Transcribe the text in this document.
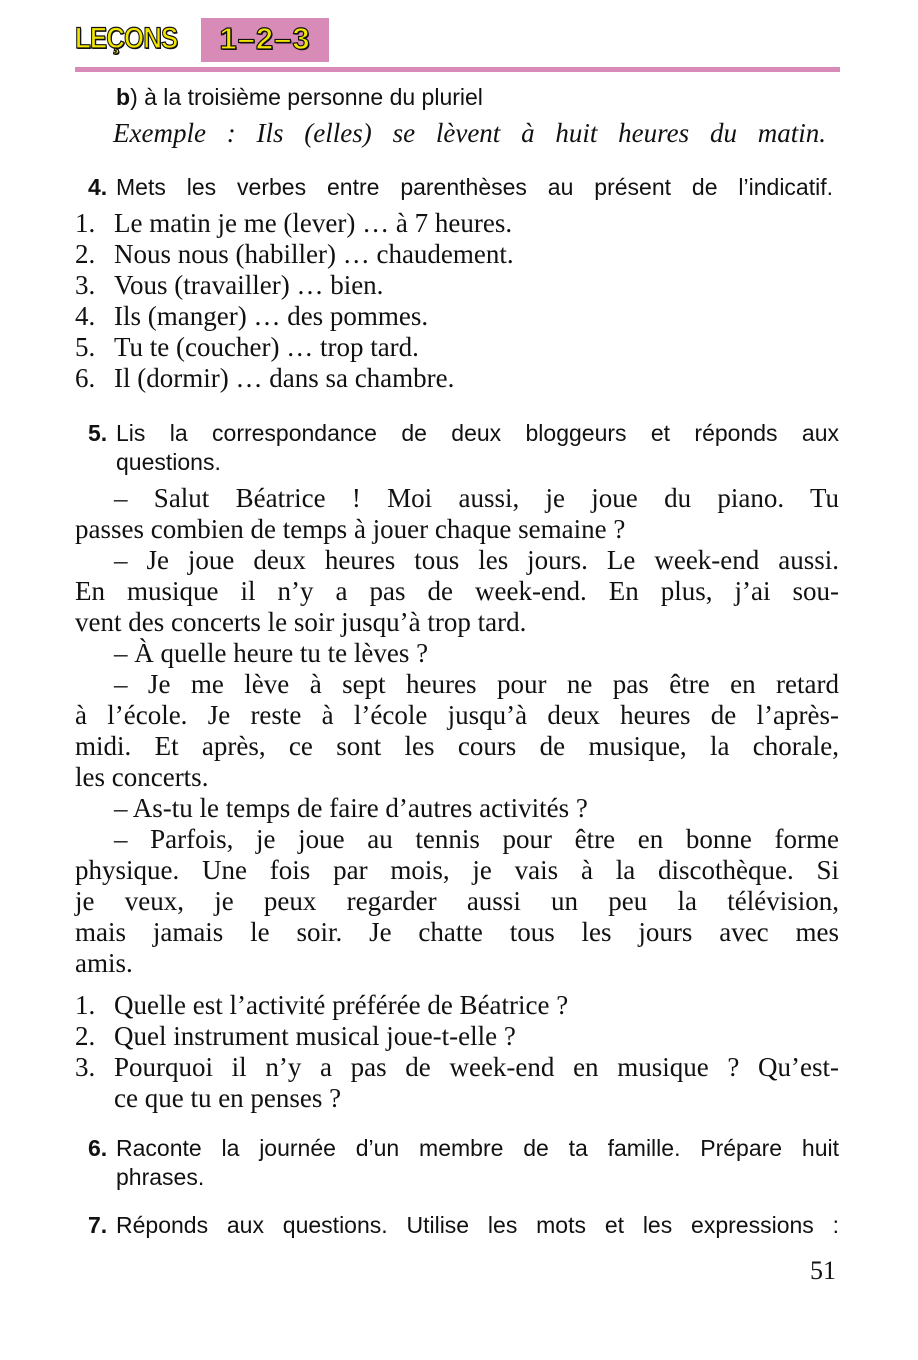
LEÇONS	1–2–3
b) à la troisième personne du pluriel
Exemple : Ils (elles) se lèvent à huit heures du matin.
4. Mets les verbes entre parenthèses au présent de l’indicatif.
1. Le matin je me (lever) … à 7 heures.
2. Nous nous (habiller) … chaudement.
3. Vous (travailler) … bien.
4. Ils (manger) … des pommes.
5. Tu te (coucher) … trop tard.
6. Il (dormir) … dans sa chambre.
5. Lis la correspondance de deux bloggeurs et réponds aux
questions.
– Salut Béatrice ! Moi aussi, je joue du piano. Tu
passes combien de temps à jouer chaque semaine ?
– Je joue deux heures tous les jours. Le week-end aussi.
En musique il n’y a pas de week-end. En plus, j’ai sou-
vent des concerts le soir jusqu’à trop tard.
– À quelle heure tu te lèves ?
– Je me lève à sept heures pour ne pas être en retard
à l’école. Je reste à l’école jusqu’à deux heures de l’après-
midi. Et après, ce sont les cours de musique, la chorale,
les concerts.
– As-tu le temps de faire d’autres activités ?
– Parfois, je joue au tennis pour être en bonne forme
physique. Une fois par mois, je vais à la discothèque. Si
je veux, je peux regarder aussi un peu la télévision,
mais jamais le soir. Je chatte tous les jours avec mes
amis.
1. Quelle est l’activité préférée de Béatrice ?
2. Quel instrument musical joue-t-elle ?
3. Pourquoi il n’y a pas de week-end en musique ? Qu’est-
ce que tu en penses ?
6. Raconte la journée d’un membre de ta famille. Prépare huit
phrases.
7. Réponds aux questions. Utilise les mots et les expressions :
51
